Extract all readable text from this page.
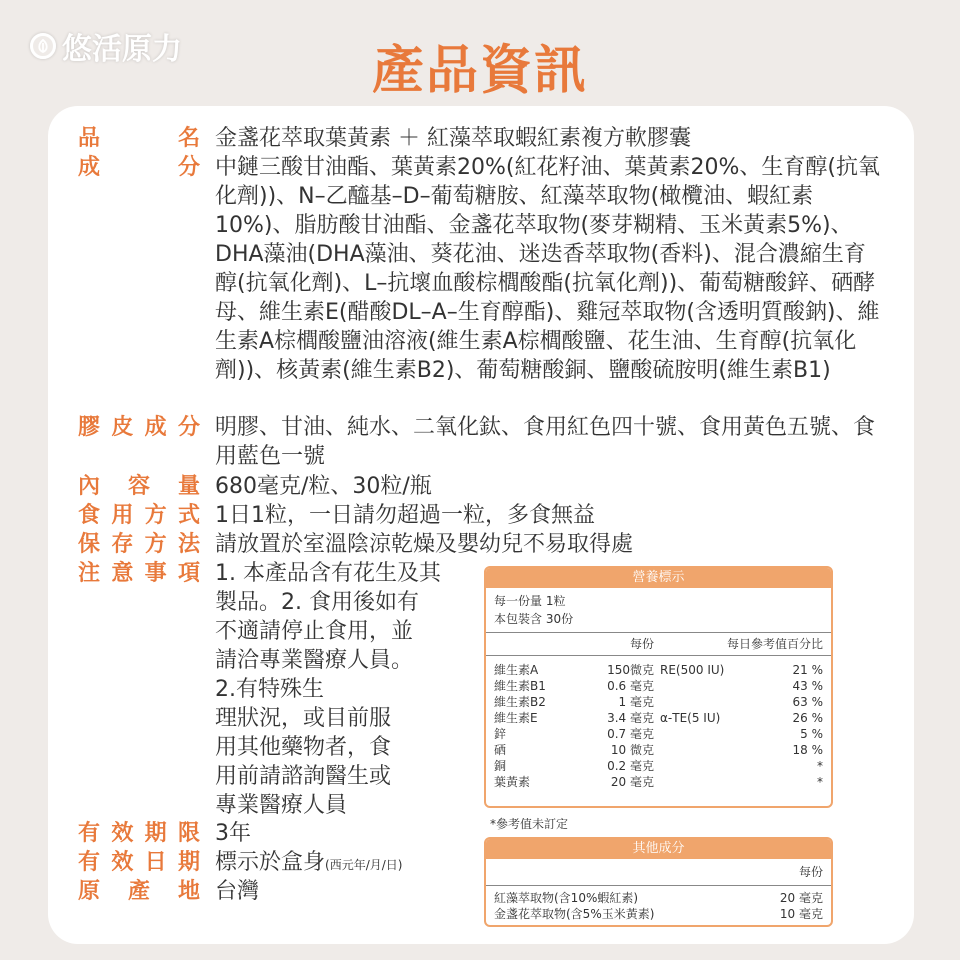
悠活原力	產品資訊
品　　名 金盞花萃取葉黃素 ＋ 紅藻萃取蝦紅素複方軟膠囊
成　　分 中鏈三酸甘油酯、葉黃素20%(紅花籽油、葉黃素20%、生育醇(抗氧化劑))、N–乙醯基–D–葡萄糖胺、紅藻萃取物(橄欖油、蝦紅素10%)、脂肪酸甘油酯、金盞花萃取物(麥芽糊精、玉米黃素5%)、DHA藻油(DHA藻油、葵花油、迷迭香萃取物(香料)、混合濃縮生育醇(抗氧化劑)、L–抗壞血酸棕櫚酸酯(抗氧化劑))、葡萄糖酸鋅、硒酵母、維生素E(醋酸DL–A–生育醇酯)、雞冠萃取物(含透明質酸鈉)、維生素A棕櫚酸鹽油溶液(維生素A棕櫚酸鹽、花生油、生育醇(抗氧化劑))、核黃素(維生素B2)、葡萄糖酸銅、鹽酸硫胺明(維生素B1)
膠皮成分 明膠、甘油、純水、二氧化鈦、食用紅色四十號、食用黃色五號、食用藍色一號
內容量 680毫克/粒、30粒/瓶
食用方式 1日1粒，一日請勿超過一粒，多食無益
保存方法 請放置於室溫陰涼乾燥及嬰幼兒不易取得處
注意事項 1. 本產品含有花生及其
製品。2. 食用後如有
不適請停止食用，並
請洽專業醫療人員。
2.有特殊生
理狀況，或目前服
用其他藥物者，食
用前請諮詢醫生或
專業醫療人員
有效期限 3年
有效日期 標示於盒身(西元年/月/日)
原產地 台灣
營養標示
每一份量 1粒
本包裝含 30份
每份	每日參考值百分比
維生素A	150微克 RE(500 IU)	21 %
維生素B1	0.6 毫克	43 %
維生素B2	1 毫克	63 %
維生素E	3.4 毫克 α-TE(5 IU)	26 %
鋅	0.7 毫克	5 %
硒	10 微克	18 %
銅	0.2 毫克	*
葉黃素	20 毫克	*
*參考值未訂定
其他成分
每份
紅藻萃取物(含10%蝦紅素)	20 毫克
金盞花萃取物(含5%玉米黃素)	10 毫克
